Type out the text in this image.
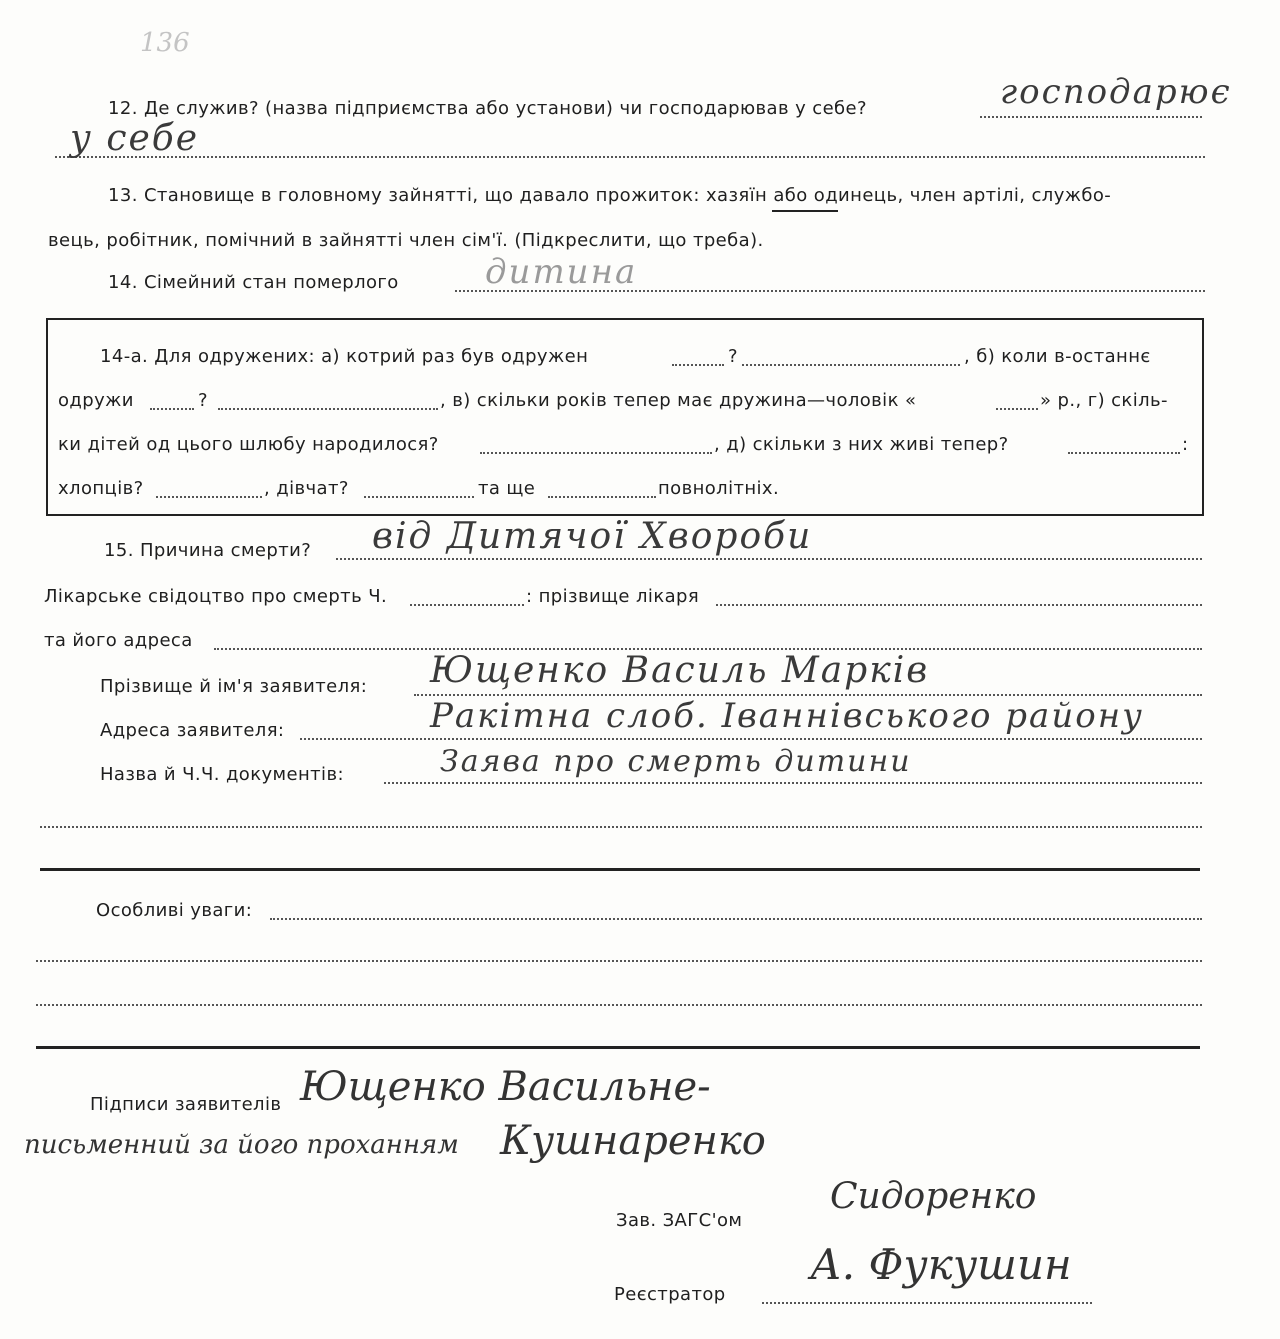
136
12. Де служив? (назва підприємства або установи) чи господарював у себе?	господарює
у себе
13. Становище в головному зайнятті, що давало прожиток: хазяїн або одинець, член артілі, службо-
вець, робітник, помічний в зайнятті член сім'ї. (Підкреслити, що треба).
14. Сімейний стан померлого	дитина
14-а. Для одружених: а) котрий раз був одружен	?	, б) коли в-останнє
одружи	?	, в) скільки років тепер має дружина—чоловік «	» р., г) скіль-
ки дітей од цього шлюбу народилося?	, д) скільки з них живі тепер?	:
хлопців?	, дівчат?	та ще	повнолітніх.
15. Причина смерти? від Дитячої Хвороби
Лікарське свідоцтво про смерть Ч.	: прізвище лікаря
та його адреса
Прізвище й ім'я заявителя: Ющенко Василь Марків
Адреса заявителя:	Ракітна слоб. Іваннівського району
Назва й Ч.Ч. документів:	Заява про смерть дитини
Особливі уваги:
Підписи заявителів Ющенко Васильне-
письменний за його проханням Кушнаренко
Зав. ЗАГС'ом
Сидоренко
Реєстратор
А. Фукушин
